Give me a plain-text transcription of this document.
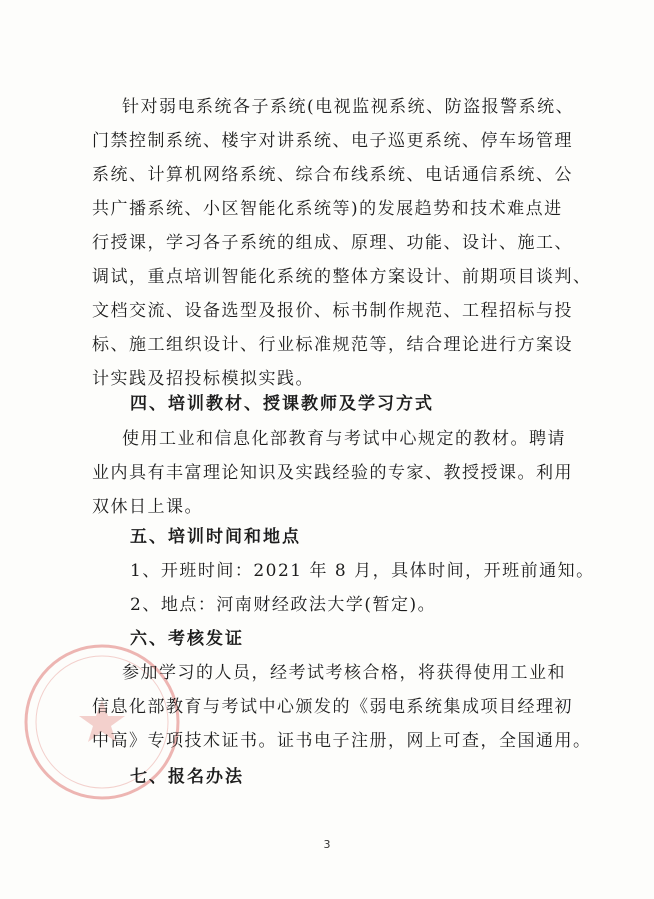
针对弱电系统各子系统(电视监视系统、防盗报警系统、
门禁控制系统、楼宇对讲系统、电子巡更系统、停车场管理
系统、计算机网络系统、综合布线系统、电话通信系统、公
共广播系统、小区智能化系统等)的发展趋势和技术难点进
行授课，学习各子系统的组成、原理、功能、设计、施工、
调试，重点培训智能化系统的整体方案设计、前期项目谈判、
文档交流、设备选型及报价、标书制作规范、工程招标与投
标、施工组织设计、行业标准规范等，结合理论进行方案设
计实践及招投标模拟实践。
四、培训教材、授课教师及学习方式
使用工业和信息化部教育与考试中心规定的教材。聘请
业内具有丰富理论知识及实践经验的专家、教授授课。利用
双休日上课。
五、培训时间和地点

1、开班时间：2021 年 8 月，具体时间，开班前通知。

2、地点：河南财经政法大学(暂定)。

六、考核发证
参加学习的人员，经考试考核合格，将获得使用工业和
信息化部教育与考试中心颁发的《弱电系统集成项目经理初
中高》专项技术证书。证书电子注册，网上可查，全国通用。
七、报名办法
3
